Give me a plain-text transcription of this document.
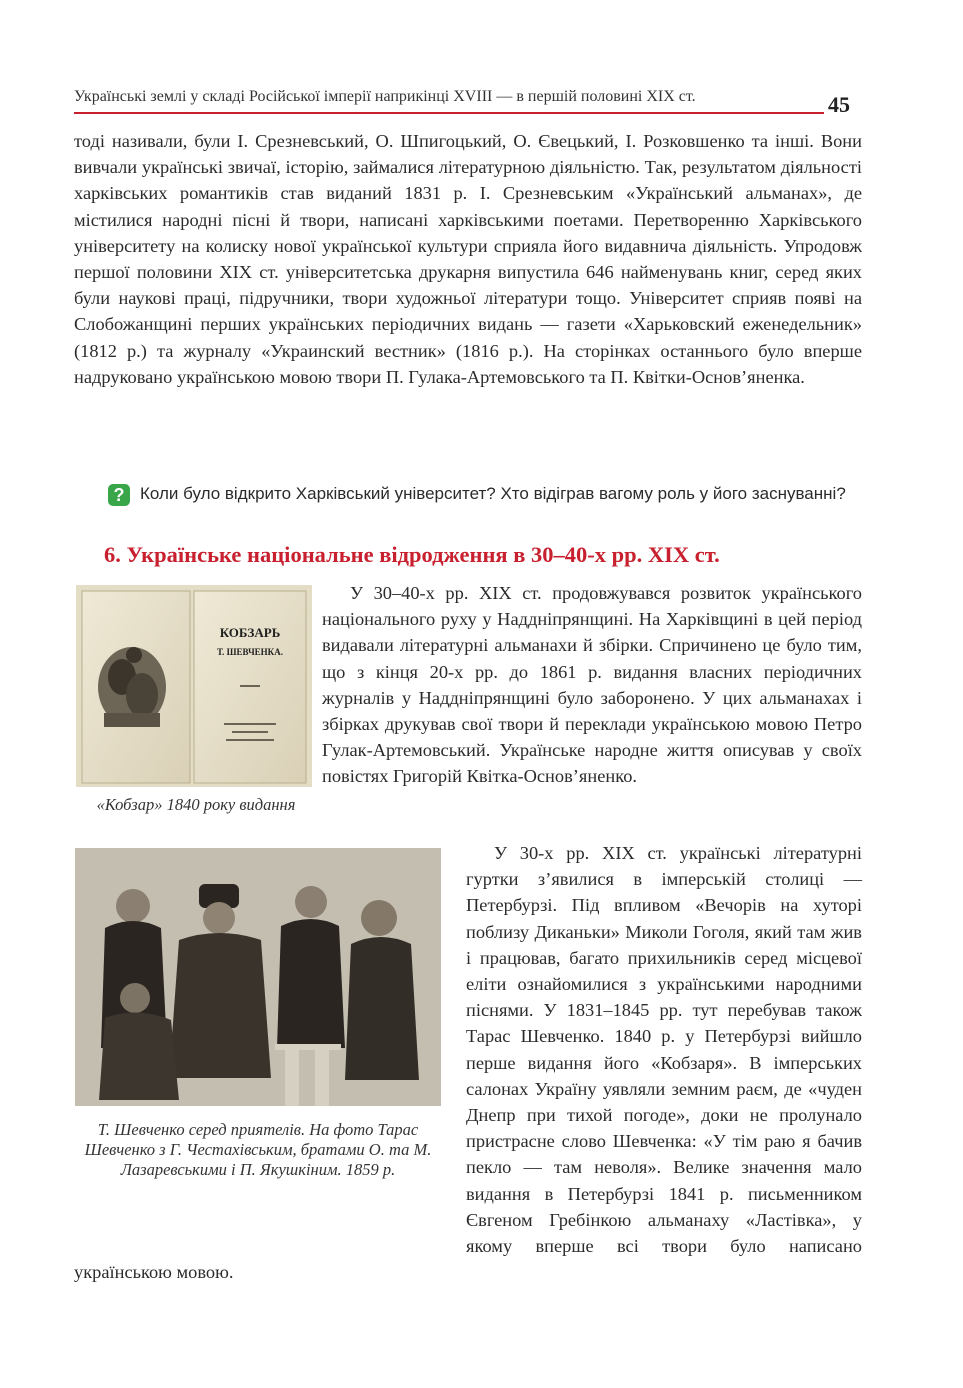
Українські землі у складі Російської імперії наприкінці XVIII — в першій половині XIX ст.	45
тоді називали, були І. Срезневський, О. Шпигоцький, О. Євецький, І. Розковшенко та інші. Вони вивчали українські звичаї, історію, займалися літературною діяльністю. Так, результатом діяльності харківських романтиків став виданий 1831 р. І. Срезневським «Український альманах», де містилися народні пісні й твори, написані харківськими поетами. Перетворенню Харківського університету на колиску нової української культури сприяла його видавнича діяльність. Упродовж першої половини XIX ст. університетська друкарня випустила 646 найменувань книг, серед яких були наукові праці, підручники, твори художньої літератури тощо. Університет сприяв появі на Слобожанщині перших українських періодичних видань — газети «Харьковский еженедельник» (1812 р.) та журналу «Украинский вестник» (1816 р.). На сторінках останнього було вперше надруковано українською мовою твори П. Гулака-Артемовського та П. Квітки-Основ’яненка.
? Коли було відкрито Харківський університет? Хто відіграв вагому роль у його заснуванні?
6. Українське національне відродження в 30–40-х рр. XIX ст.
КОБЗАРЬ
Т. ШЕВЧЕНКА.
«Кобзар» 1840 року видання
У 30–40-х рр. XIX ст. продовжувався розвиток українського національного руху у Наддніпрянщині. На Харківщині в цей період видавали літературні альманахи й збірки. Спричинено це було тим, що з кінця 20-х рр. до 1861 р. видання власних періодичних журналів у Наддніпрянщині було заборонено. У цих альманахах і збірках друкував свої твори й переклади українською мовою Петро Гулак-Артемовський. Українське народне життя описував у своїх повістях Григорій Квітка-Основ’яненко.
Т. Шевченко серед приятелів. На фото Тарас Шевченко з Г. Честахівським, братами О. та М. Лазаревськими і П. Якушкіним. 1859 р.
У 30-х рр. XIX ст. українські літературні гуртки з’явилися в імперській столиці — Петербурзі. Під впливом «Вечорів на хуторі поблизу Диканьки» Миколи Гоголя, який там жив і працював, багато прихильників серед місцевої еліти ознайомилися з українськими народними піснями. У 1831–1845 рр. тут перебував також Тарас Шевченко. 1840 р. у Петербурзі вийшло перше видання його «Кобзаря». В імперських салонах Україну уявляли земним раєм, де «чуден Днепр при тихой погоде», доки не пролунало пристрасне слово Шевченка: «У тім раю я бачив пекло — там неволя». Велике значення мало видання в Петербурзі 1841 р. письменником Євгеном Гребінкою альманаху «Ластівка», у якому вперше всі твори було написано українською мовою.
